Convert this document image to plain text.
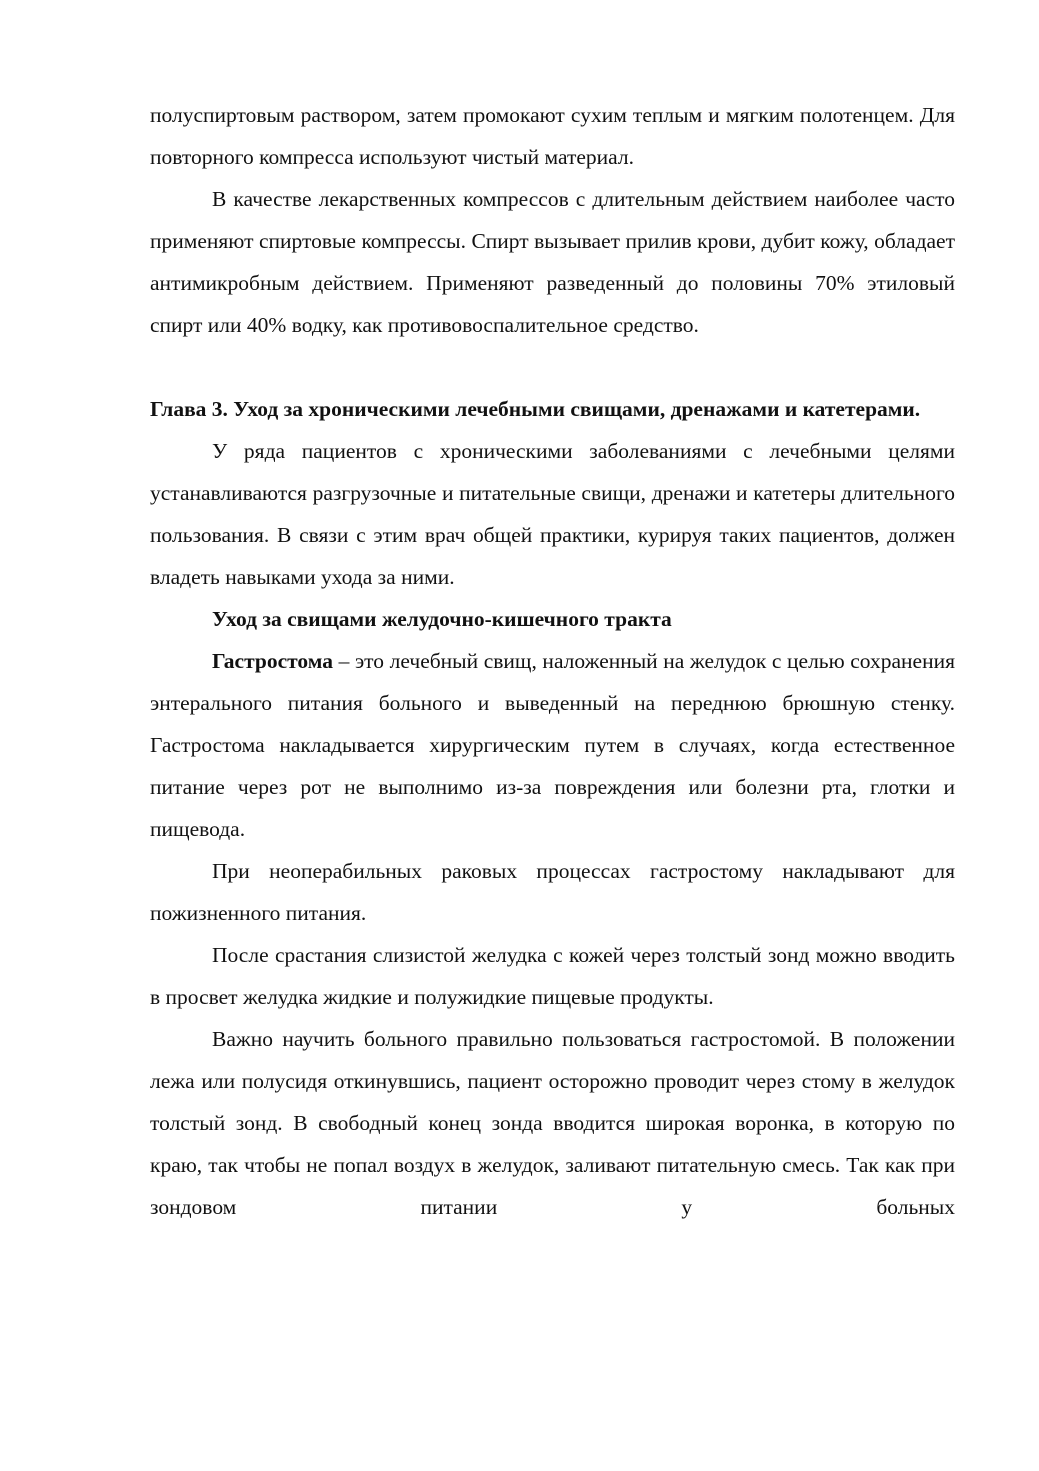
полуспиртовым раствором, затем промокают сухим теплым и мягким полотенцем. Для повторного компресса используют чистый материал.

В качестве лекарственных компрессов с длительным действием наиболее часто применяют спиртовые компрессы. Спирт вызывает прилив крови, дубит кожу, обладает антимикробным действием. Применяют разведенный до половины 70% этиловый спирт или 40% водку, как противовоспалительное средство.

Глава 3. Уход за хроническими лечебными свищами, дренажами и катетерами.

У ряда пациентов с хроническими заболеваниями с лечебными целями устанавливаются разгрузочные и питательные свищи, дренажи и катетеры длительного пользования. В связи с этим врач общей практики, курируя таких пациентов, должен владеть навыками ухода за ними.

Уход за свищами желудочно-кишечного тракта

Гастростома – это лечебный свищ, наложенный на желудок с целью сохранения энтерального питания больного и выведенный на переднюю брюшную стенку. Гастростома накладывается хирургическим путем в случаях, когда естественное питание через рот не выполнимо из-за повреждения или болезни рта, глотки и пищевода.

При неоперабильных раковых процессах гастростому накладывают для пожизненного питания.

После срастания слизистой желудка с кожей через толстый зонд можно вводить в просвет желудка жидкие и полужидкие пищевые продукты.

Важно научить больного правильно пользоваться гастростомой. В положении лежа или полусидя откинувшись, пациент осторожно проводит через стому в желудок толстый зонд. В свободный конец зонда вводится широкая воронка, в которую по краю, так чтобы не попал воздух в желудок, заливают питательную смесь. Так как при зондовом питании у больных
